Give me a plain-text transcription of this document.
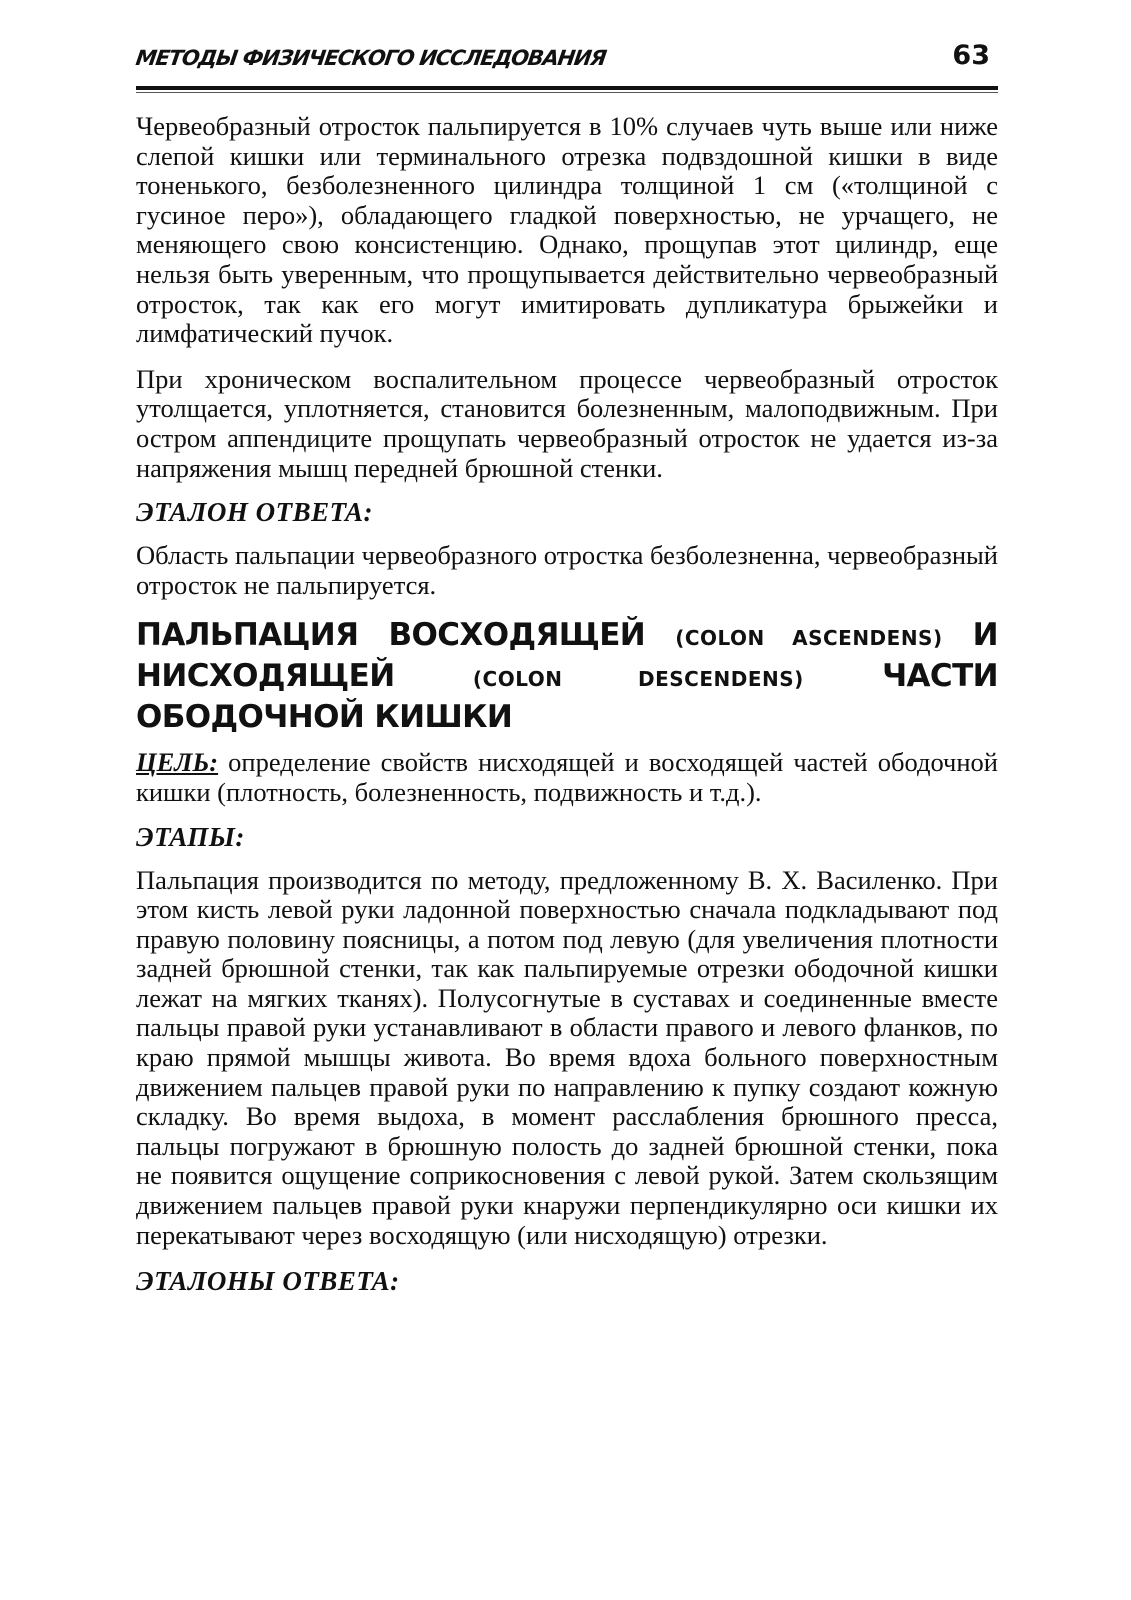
МЕТОДЫ ФИЗИЧЕСКОГО ИССЛЕДОВАНИЯ	63

Червеобразный отросток пальпируется в 10% случаев чуть выше или ниже слепой кишки или терминального отрезка подвздошной кишки в виде тоненького, безболезненного цилиндра толщиной 1 см («толщиной с гусиное перо»), обладающего гладкой поверхностью, не урчащего, не меняющего свою консистенцию. Однако, прощупав этот цилиндр, еще нельзя быть уверенным, что прощупывается действительно червеобразный отросток, так как его могут имитировать дупликатура брыжейки и лимфатический пучок.

При хроническом воспалительном процессе червеобразный отросток утолщается, уплотняется, становится болезненным, малоподвижным. При остром аппендиците прощупать червеобразный отросток не удается из-за напряжения мышц передней брюшной стенки.

ЭТАЛОН ОТВЕТА:

Область пальпации червеобразного отростка безболезненна, червеобразный отросток не пальпируется.

ПАЛЬПАЦИЯ ВОСХОДЯЩЕЙ (COLON ASCENDENS) И НИСХОДЯЩЕЙ (COLON DESCENDENS) ЧАСТИ ОБОДОЧНОЙ КИШКИ

ЦЕЛЬ: определение свойств нисходящей и восходящей частей ободочной кишки (плотность, болезненность, подвижность и т.д.).

ЭТАПЫ:

Пальпация производится по методу, предложенному В. Х. Василенко. При этом кисть левой руки ладонной поверхностью сначала подкладывают под правую половину поясницы, а потом под левую (для увеличения плотности задней брюшной стенки, так как пальпируемые отрезки ободочной кишки лежат на мягких тканях). Полусогнутые в суставах и соединенные вместе пальцы правой руки устанавливают в области правого и левого фланков, по краю прямой мышцы живота. Во время вдоха больного поверхностным движением пальцев правой руки по направлению к пупку создают кожную складку. Во время выдоха, в момент расслабления брюшного пресса, пальцы погружают в брюшную полость до задней брюшной стенки, пока не появится ощущение соприкосновения с левой рукой. Затем скользящим движением пальцев правой руки кнаружи перпендикулярно оси кишки их перекатывают через восходящую (или нисходящую) отрезки.

ЭТАЛОНЫ ОТВЕТА:
